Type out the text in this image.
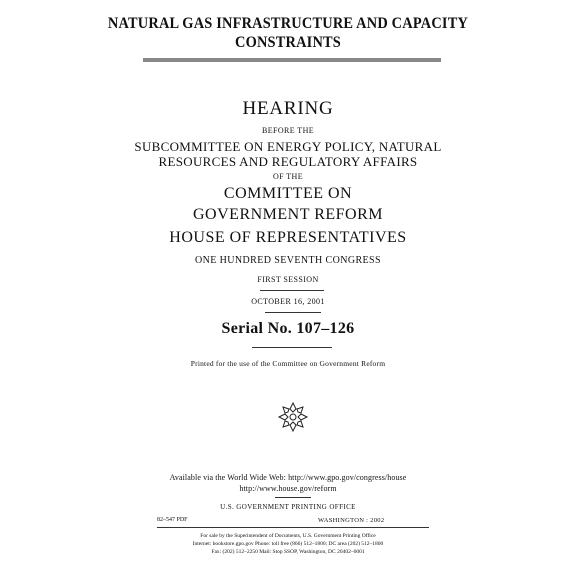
NATURAL GAS INFRASTRUCTURE AND CAPACITY
CONSTRAINTS
HEARING
BEFORE THE
SUBCOMMITTEE ON ENERGY POLICY, NATURAL
RESOURCES AND REGULATORY AFFAIRS
OF THE
COMMITTEE ON
GOVERNMENT REFORM
HOUSE OF REPRESENTATIVES
ONE HUNDRED SEVENTH CONGRESS
FIRST SESSION
OCTOBER 16, 2001
Serial No. 107–126
Printed for the use of the Committee on Government Reform
Available via the World Wide Web: http://www.gpo.gov/congress/house
http://www.house.gov/reform
U.S. GOVERNMENT PRINTING OFFICE
82–547 PDF	WASHINGTON : 2002
For sale by the Superintendent of Documents, U.S. Government Printing Office
Internet: bookstore.gpo.gov Phone: toll free (866) 512–1800; DC area (202) 512–1800
Fax: (202) 512–2250 Mail: Stop SSOP, Washington, DC 20402–0001
